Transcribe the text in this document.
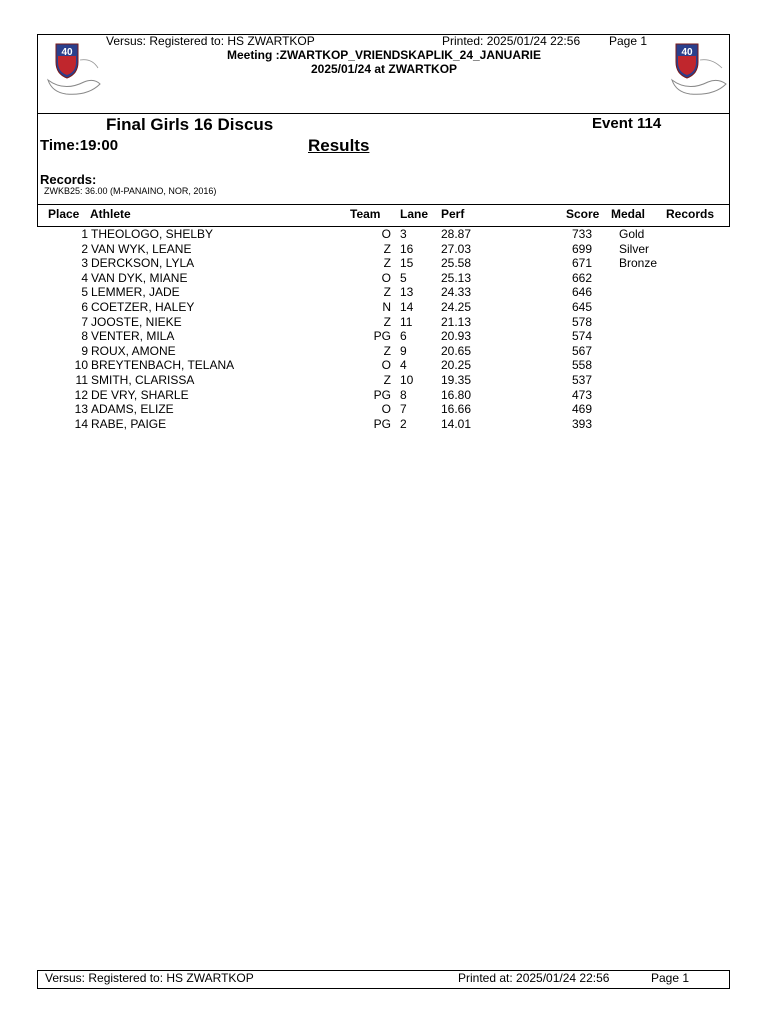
40	40
Versus: Registered to: HS ZWARTKOP	Printed: 2025/01/24 22:56 Page 1
Meeting :ZWARTKOP_VRIENDSKAPLIK_24_JANUARIE
2025/01/24 at ZWARTKOP
Final Girls 16 Discus	Event 114
Time:19:00	Results
Records:
ZWKB25: 36.00 (M-PANAINO, NOR, 2016)
Place Athlete	Team Lane Perf	Score Medal Records
1 THEOLOGO, SHELBY	O 3	28.87	733 Gold
2 VAN WYK, LEANE	Z 16 27.03	699 Silver
3 DERCKSON, LYLA	Z 15 25.58	671 Bronze
4 VAN DYK, MIANE	O 5	25.13	662
5 LEMMER, JADE	Z 13 24.33	646
6 COETZER, HALEY	N 14 24.25	645
7 JOOSTE, NIEKE	Z 11 21.13	578
8 VENTER, MILA	PG 6	20.93	574
9 ROUX, AMONE	Z 9	20.65	567
10 BREYTENBACH, TELANA	O 4	20.25	558
11 SMITH, CLARISSA	Z 10 19.35	537
12 DE VRY, SHARLE	PG 8	16.80	473
13 ADAMS, ELIZE	O 7	16.66	469
14 RABE, PAIGE	PG 2	14.01	393
Versus: Registered to: HS ZWARTKOP	Printed at: 2025/01/24 22:56	Page 1
